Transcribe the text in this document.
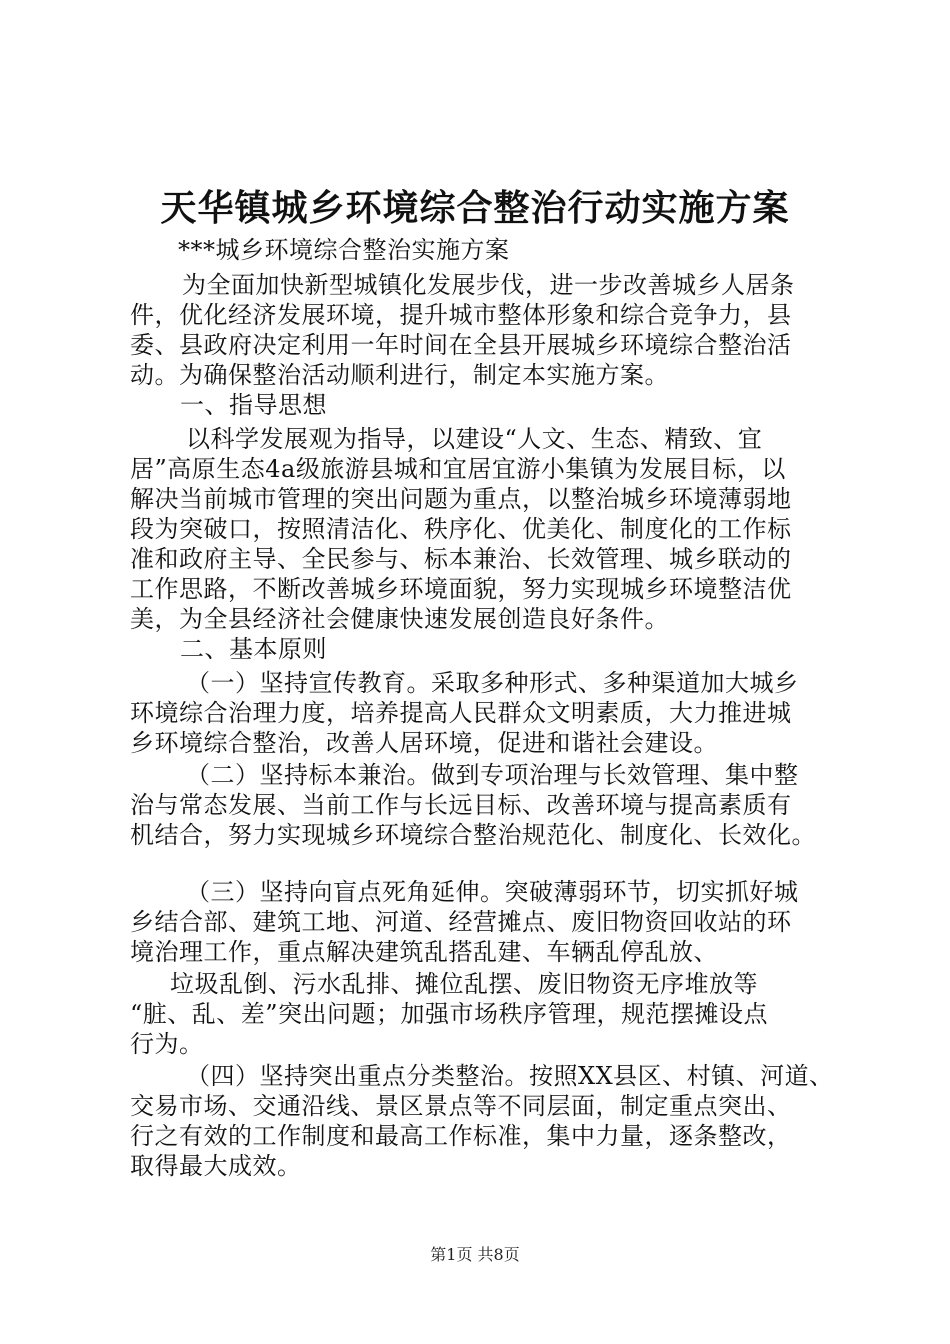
天华镇城乡环境综合整治行动实施方案
***城乡环境综合整治实施方案
为全面加快新型城镇化发展步伐，进一步改善城乡人居条
件，优化经济发展环境，提升城市整体形象和综合竞争力，县
委、县政府决定利用一年时间在全县开展城乡环境综合整治活
动。为确保整治活动顺利进行，制定本实施方案。
一、指导思想
以科学发展观为指导，以建设“人文、生态、精致、宜
居”高原生态4a级旅游县城和宜居宜游小集镇为发展目标，以
解决当前城市管理的突出问题为重点，以整治城乡环境薄弱地
段为突破口，按照清洁化、秩序化、优美化、制度化的工作标
准和政府主导、全民参与、标本兼治、长效管理、城乡联动的
工作思路，不断改善城乡环境面貌，努力实现城乡环境整洁优
美，为全县经济社会健康快速发展创造良好条件。
二、基本原则
（一）坚持宣传教育。采取多种形式、多种渠道加大城乡
环境综合治理力度，培养提高人民群众文明素质，大力推进城
乡环境综合整治，改善人居环境，促进和谐社会建设。
（二）坚持标本兼治。做到专项治理与长效管理、集中整
治与常态发展、当前工作与长远目标、改善环境与提高素质有
机结合，努力实现城乡环境综合整治规范化、制度化、长效化。
（三）坚持向盲点死角延伸。突破薄弱环节，切实抓好城
乡结合部、建筑工地、河道、经营摊点、废旧物资回收站的环
境治理工作，重点解决建筑乱搭乱建、车辆乱停乱放、
垃圾乱倒、污水乱排、摊位乱摆、废旧物资无序堆放等
“脏、乱、差”突出问题；加强市场秩序管理，规范摆摊设点
行为。
（四）坚持突出重点分类整治。按照XX县区、村镇、河道、
交易市场、交通沿线、景区景点等不同层面，制定重点突出、
行之有效的工作制度和最高工作标准，集中力量，逐条整改，
取得最大成效。
第1页 共8页
